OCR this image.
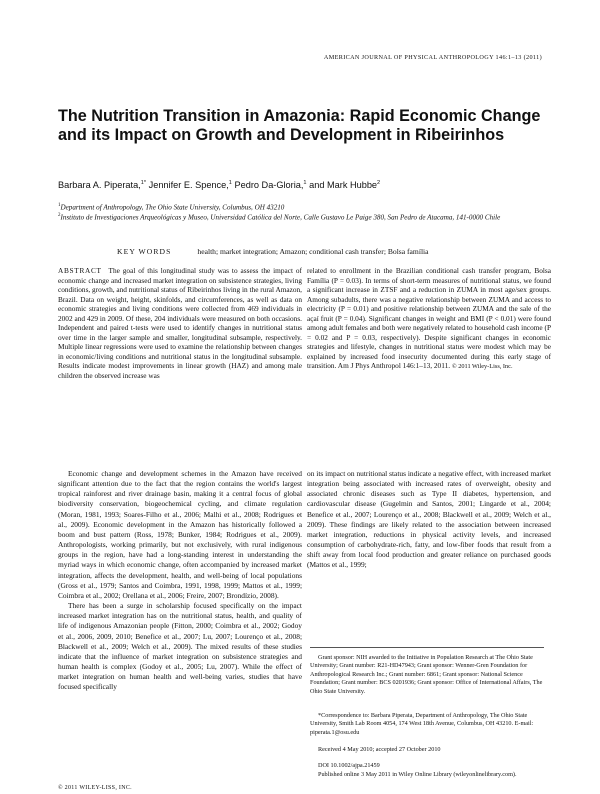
AMERICAN JOURNAL OF PHYSICAL ANTHROPOLOGY 146:1–13 (2011)
The Nutrition Transition in Amazonia: Rapid Economic Change and its Impact on Growth and Development in Ribeirinhos
Barbara A. Piperata,$^{1*}$ Jennifer E. Spence,$^1$ Pedro Da-Gloria,$^1$ and Mark Hubbe$^2$
$^1$Department of Anthropology, The Ohio State University, Columbus, OH 43210
$^2$Instituto de Investigaciones Arqueológicas y Museo, Universidad Católica del Norte, Calle Gustavo Le Paige 380, San Pedro de Atacama, 141-0000 Chile
KEY WORDS	health; market integration; Amazon; conditional cash transfer; Bolsa família
ABSTRACT The goal of this longitudinal study was to assess the impact of economic change and increased market integration on subsistence strategies, living conditions, growth, and nutritional status of Ribeirinhos living in the rural Amazon, Brazil. Data on weight, height, skinfolds, and circumferences, as well as data on economic strategies and living conditions were collected from 469 individuals in 2002 and 429 in 2009. Of these, 204 individuals were measured on both occasions. Independent and paired t-tests were used to identify changes in nutritional status over time in the larger sample and smaller, longitudinal subsample, respectively. Multiple linear regressions were used to examine the relationship between changes in economic/living conditions and nutritional status in the longitudinal subsample. Results indicate modest improvements in linear growth (HAZ) and among male children the observed increase was
related to enrollment in the Brazilian conditional cash transfer program, Bolsa Família (P = 0.03). In terms of short-term measures of nutritional status, we found a significant increase in ZTSF and a reduction in ZUMA in most age/sex groups. Among subadults, there was a negative relationship between ZUMA and access to electricity (P = 0.01) and positive relationship between ZUMA and the sale of the açaí fruit (P = 0.04). Significant changes in weight and BMI (P < 0.01) were found among adult females and both were negatively related to household cash income (P = 0.02 and P = 0.03, respectively). Despite significant changes in economic strategies and lifestyle, changes in nutritional status were modest which may be explained by increased food insecurity documented during this early stage of transition. Am J Phys Anthropol 146:1–13, 2011. © 2011 Wiley-Liss, Inc.

Economic change and development schemes in the Amazon have received significant attention due to the fact that the region contains the world's largest tropical rainforest and river drainage basin, making it a central focus of global biodiversity conservation, biogeochemical cycling, and climate regulation (Moran, 1981, 1993; Soares-Filho et al., 2006; Malhi et al., 2008; Rodrigues et al., 2009). Economic development in the Amazon has historically followed a boom and bust pattern (Ross, 1978; Bunker, 1984; Rodrigues et al., 2009). Anthropologists, working primarily, but not exclusively, with rural indigenous groups in the region, have had a long-standing interest in understanding the myriad ways in which economic change, often accompanied by increased market integration, affects the development, health, and well-being of local populations (Gross et al., 1979; Santos and Coimbra, 1991, 1998, 1999; Mattos et al., 1999; Coimbra et al., 2002; Orellana et al., 2006; Freire, 2007; Brondízio, 2008).

There has been a surge in scholarship focused specifically on the impact increased market integration has on the nutritional status, health, and quality of life of indigenous Amazonian people (Fitton, 2000; Coimbra et al., 2002; Godoy et al., 2006, 2009, 2010; Benefice et al., 2007; Lu, 2007; Lourenço et al., 2008; Blackwell et al., 2009; Welch et al., 2009). The mixed results of these studies indicate that the influence of market integration on subsistence strategies and human health is complex (Godoy et al., 2005; Lu, 2007). While the effect of market integration on human health and well-being varies, studies that have focused specifically

on its impact on nutritional status indicate a negative effect, with increased market integration being associated with increased rates of overweight, obesity and associated chronic diseases such as Type II diabetes, hypertension, and cardiovascular disease (Gugelmin and Santos, 2001; Lingarde et al., 2004; Benefice et al., 2007; Lourenço et al., 2008; Blackwell et al., 2009; Welch et al., 2009). These findings are likely related to the association between increased market integration, reductions in physical activity levels, and increased consumption of carbohydrate-rich, fatty, and low-fiber foods that result from a shift away from local food production and greater reliance on purchased goods (Mattos et al., 1999;

Grant sponsor: NIH awarded to the Initiative in Population Research at The Ohio State University; Grant number: R21-HD47943; Grant sponsor: Wenner-Gren Foundation for Anthropological Research Inc.; Grant number: 6861; Grant sponsor: National Science Foundation; Grant number: BCS 0201936; Grant sponsor: Office of International Affairs, The Ohio State University.

*Correspondence to: Barbara Piperata, Department of Anthropology, The Ohio State University, Smith Lab Room 4054, 174 West 18th Avenue, Columbus, OH 43210. E-mail: piperata.1@osu.edu

Received 4 May 2010; accepted 27 October 2010

DOI 10.1002/ajpa.21459

Published online 3 May 2011 in Wiley Online Library (wileyonlinelibrary.com).

© 2011 WILEY-LISS, INC.
